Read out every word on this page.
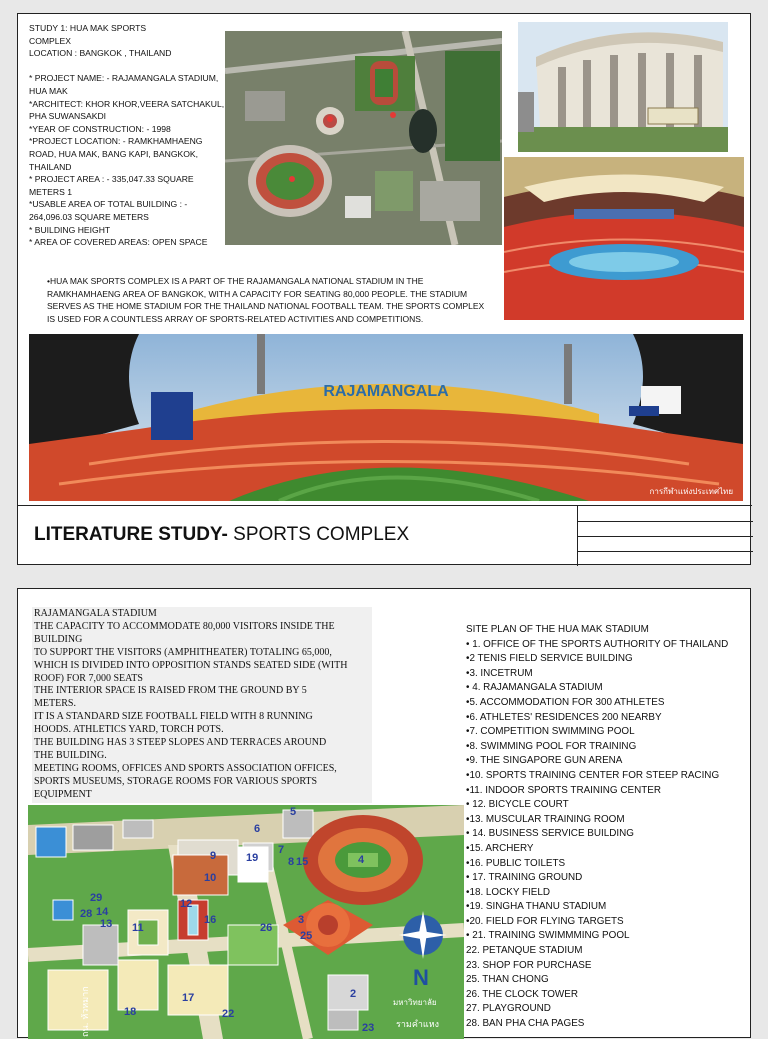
STUDY 1: HUA MAK SPORTS
COMPLEX
LOCATION : BANGKOK , THAILAND

* PROJECT NAME: - RAJAMANGALA STADIUM,
HUA MAK
*ARCHITECT: KHOR KHOR,VEERA SATCHAKUL,
PHA SUWANSAKDI
*YEAR OF CONSTRUCTION: - 1998
*PROJECT LOCATION: - RAMKHAMHAENG
ROAD, HUA MAK, BANG KAPI, BANGKOK,
THAILAND
* PROJECT AREA : - 335,047.33 SQUARE
METERS 1
*USABLE AREA OF TOTAL BUILDING : -
264,096.03 SQUARE METERS
* BUILDING HEIGHT
* AREA OF COVERED AREAS: OPEN SPACE
•HUA MAK SPORTS COMPLEX IS A PART OF THE RAJAMANGALA NATIONAL STADIUM IN THE
RAMKHAMHAENG AREA OF BANGKOK, WITH A CAPACITY FOR SEATING 80,000 PEOPLE. THE STADIUM
SERVES AS THE HOME STADIUM FOR THE THAILAND NATIONAL FOOTBALL TEAM. THE SPORTS COMPLEX
IS USED FOR A COUNTLESS ARRAY OF SPORTS-RELATED ACTIVITIES AND COMPETITIONS.
RAJAMANGALA
การกีฬาแห่งประเทศไทย
LITERATURE STUDY- SPORTS COMPLEX
RAJAMANGALA STADIUM
THE CAPACITY TO ACCOMMODATE 80,000 VISITORS INSIDE THE
BUILDING
TO SUPPORT THE VISITORS (AMPHITHEATER) TOTALING 65,000,
WHICH IS DIVIDED INTO OPPOSITION STANDS SEATED SIDE (WITH
ROOF) FOR 7,000 SEATS
THE INTERIOR SPACE IS RAISED FROM THE GROUND BY 5
METERS.
IT IS A STANDARD SIZE FOOTBALL FIELD WITH 8 RUNNING
HOODS. ATHLETICS YARD, TORCH POTS.
THE BUILDING HAS 3 STEEP SLOPES AND TERRACES AROUND
THE BUILDING.
MEETING ROOMS, OFFICES AND SPORTS ASSOCIATION OFFICES,
SPORTS MUSEUMS, STORAGE ROOMS FOR VARIOUS SPORTS
EQUIPMENT
SITE PLAN OF THE HUA MAK STADIUM
• 1. OFFICE OF THE SPORTS AUTHORITY OF THAILAND
•2 TENIS FIELD SERVICE BUILDING
•3. INCETRUM
• 4. RAJAMANGALA STADIUM
•5. ACCOMMODATION FOR 300 ATHLETES
•6. ATHLETES' RESIDENCES 200 NEARBY
•7. COMPETITION SWIMMING POOL
•8. SWIMMING POOL FOR TRAINING
•9. THE SINGAPORE GUN ARENA
•10. SPORTS TRAINING CENTER FOR STEEP RACING
•11. INDOOR SPORTS TRAINING CENTER
• 12. BICYCLE COURT
•13. MUSCULAR TRAINING ROOM
• 14. BUSINESS SERVICE BUILDING
•15. ARCHERY
•16. PUBLIC TOILETS
• 17. TRAINING GROUND
•18. LOCKY FIELD
•19. SINGHA THANU STADIUM
•20. FIELD FOR FLYING TARGETS
• 21. TRAINING SWIMMMING POOL
22. PETANQUE STADIUM
23. SHOP FOR PURCHASE
25. THAN CHONG
26. THE CLOCK TOWER
27. PLAYGROUND
28. BAN PHA CHA PAGES
N
มหาวิทยาลัย
รามคำแหง
ถน. หัวหมาก
5
6
9
10
19
7
8 15	4
29
14
28
13 11
12
3
16
26
25
18
17
22
2
23
